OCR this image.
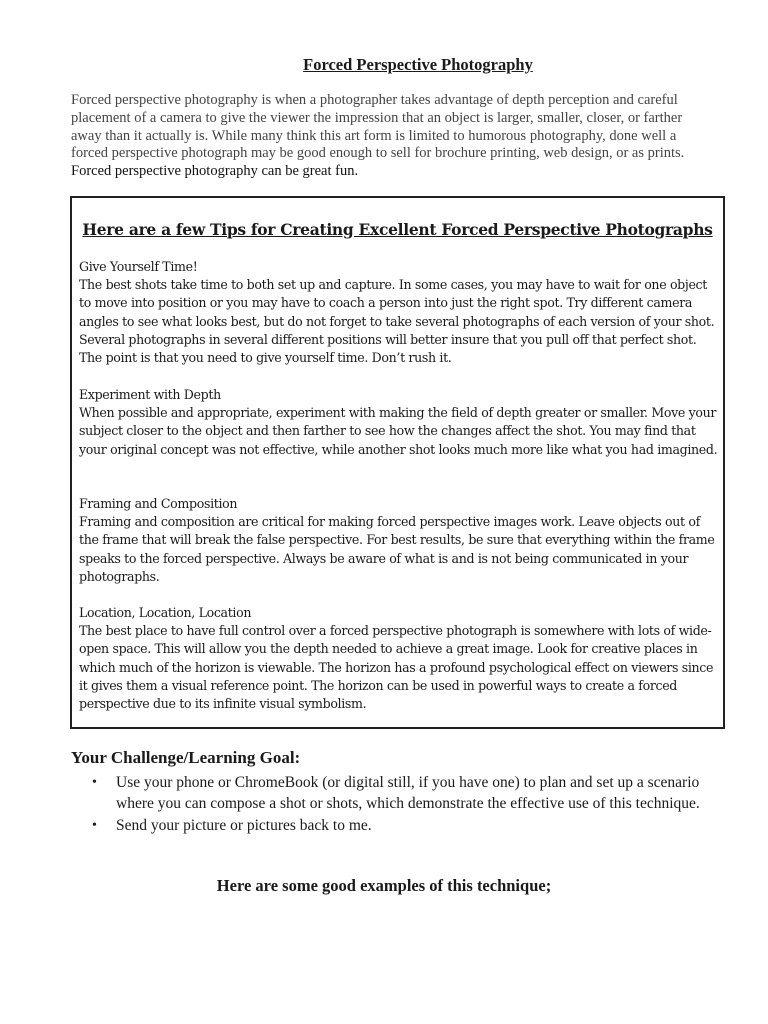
Forced Perspective Photography

Forced perspective photography is when a photographer takes advantage of depth perception and careful placement of a camera to give the viewer the impression that an object is larger, smaller, closer, or farther away than it actually is. While many think this art form is limited to humorous photography, done well a forced perspective photograph may be good enough to sell for brochure printing, web design, or as prints. Forced perspective photography can be great fun.

Here are a few Tips for Creating Excellent Forced Perspective Photographs
Give Yourself Time!
The best shots take time to both set up and capture. In some cases, you may have to wait for one object to move into position or you may have to coach a person into just the right spot. Try different camera angles to see what looks best, but do not forget to take several photographs of each version of your shot. Several photographs in several different positions will better insure that you pull off that perfect shot. The point is that you need to give yourself time. Don’t rush it.
Experiment with Depth
When possible and appropriate, experiment with making the field of depth greater or smaller. Move your subject closer to the object and then farther to see how the changes affect the shot. You may find that your original concept was not effective, while another shot looks much more like what you had imagined.
Framing and Composition
Framing and composition are critical for making forced perspective images work. Leave objects out of the frame that will break the false perspective. For best results, be sure that everything within the frame speaks to the forced perspective. Always be aware of what is and is not being communicated in your photographs.
Location, Location, Location
The best place to have full control over a forced perspective photograph is somewhere with lots of wide-open space. This will allow you the depth needed to achieve a great image. Look for creative places in which much of the horizon is viewable. The horizon has a profound psychological effect on viewers since it gives them a visual reference point. The horizon can be used in powerful ways to create a forced perspective due to its infinite visual symbolism.
Your Challenge/Learning Goal:
• Use your phone or ChromeBook (or digital still, if you have one) to plan and set up a scenario where you can compose a shot or shots, which demonstrate the effective use of this technique.
• Send your picture or pictures back to me.
Here are some good examples of this technique;
